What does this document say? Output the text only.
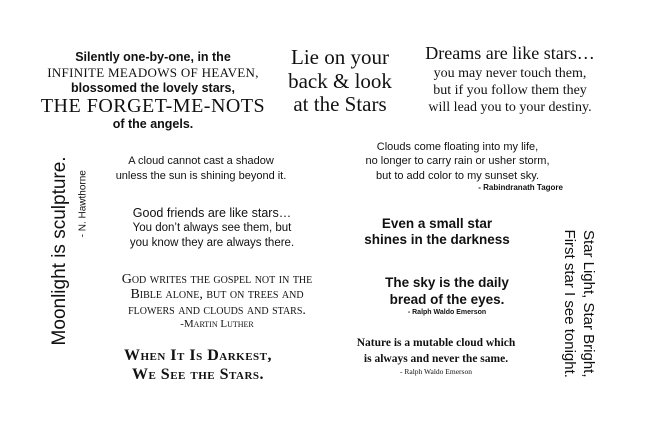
Silently one-by-one, in the
INFINITE MEADOWS OF HEAVEN,
blossomed the lovely stars,
THE FORGET-ME-NOTS
of the angels.
Lie on your
back & look
at the Stars
Dreams are like stars…
you may never touch them,
but if you follow them they
will lead you to your destiny.
Moonlight is sculpture. - N. Hawthorne
A cloud cannot cast a shadow
unless the sun is shining beyond it.
Clouds come floating into my life,
no longer to carry rain or usher storm,
but to add color to my sunset sky.
- Rabindranath Tagore
Good friends are like stars…
You don’t always see them, but
you know they are always there.
Even a small star
shines in the darkness	Star Light, Star Bright,
First star I see tonight.
God writes the gospel not in the
Bible alone, but on trees and
flowers and clouds and stars.
-Martin Luther
The sky is the daily
bread of the eyes.
- Ralph Waldo Emerson
When It Is Darkest,
We See the Stars.
Nature is a mutable cloud which
is always and never the same.
- Ralph Waldo Emerson
